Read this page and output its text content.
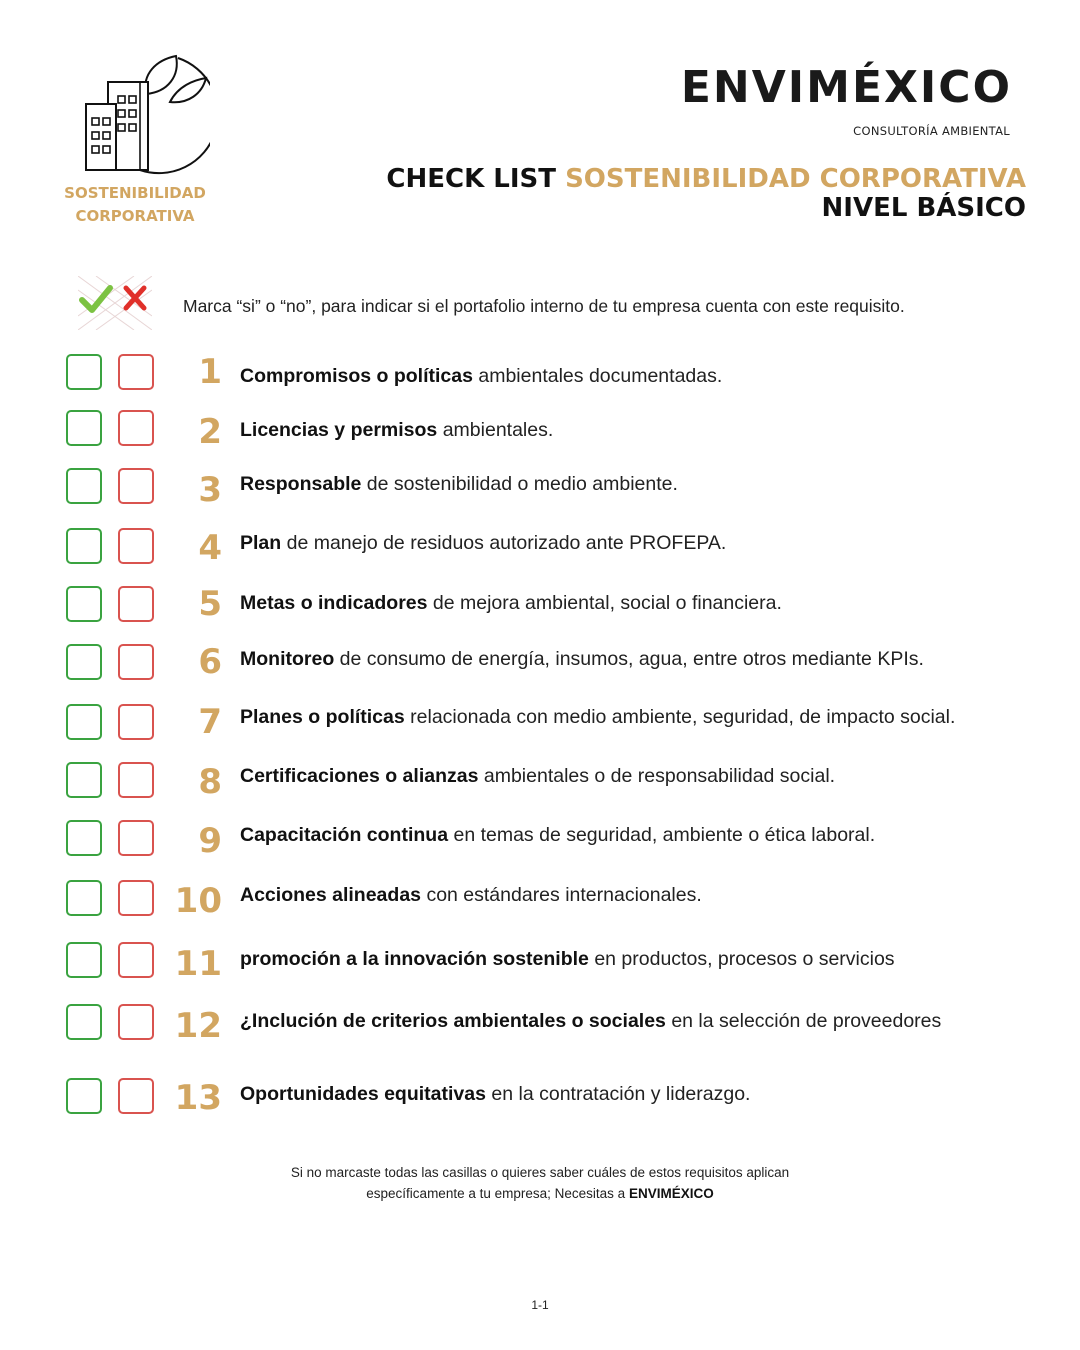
SOSTENIBILIDAD
CORPORATIVA
ENVIMÉXICO
CONSULTORÍA AMBIENTAL
CHECK LIST SOSTENIBILIDAD CORPORATIVA
NIVEL BÁSICO
Marca “si” o “no”, para indicar si el portafolio interno de tu empresa cuenta con este requisito.
1 Compromisos o políticas ambientales documentadas.
2 Licencias y permisos ambientales.
3 Responsable de sostenibilidad o medio ambiente.
4 Plan de manejo de residuos autorizado ante PROFEPA.
5 Metas o indicadores de mejora ambiental, social o financiera.
6 Monitoreo de consumo de energía, insumos, agua, entre otros mediante KPIs.
7 Planes o políticas relacionada con medio ambiente, seguridad, de impacto social.
8 Certificaciones o alianzas ambientales o de responsabilidad social.
9 Capacitación continua en temas de seguridad, ambiente o ética laboral.
10 Acciones alineadas con estándares internacionales.
11 promoción a la innovación sostenible en productos, procesos o servicios
12 ¿Inclución de criterios ambientales o sociales en la selección de proveedores
13 Oportunidades equitativas en la contratación y liderazgo.
Si no marcaste todas las casillas o quieres saber cuáles de estos requisitos aplican
específicamente a tu empresa; Necesitas a ENVIMÉXICO
1-1
